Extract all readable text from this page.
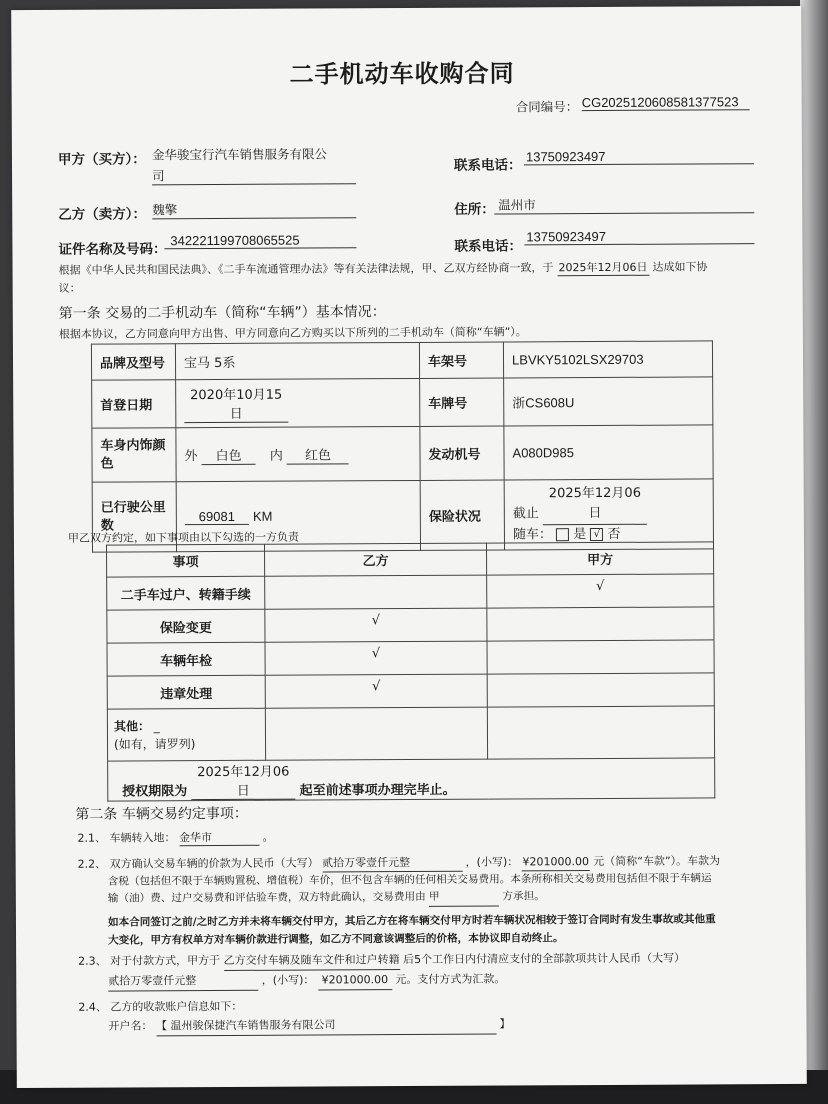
二手机动车收购合同
合同编号： CG2025120608581377523
甲方（买方）： 金华骏宝行汽车销售服务有限公
司
联系电话：
13750923497
乙方（卖方）： 魏擎	住所： 温州市
证件名称及号码：
342221199708065525	联系电话：
13750923497
根据《中华人民共和国民法典》、《二手车流通管理办法》等有关法律法规，甲、乙双方经协商一致，于 2025年12月06日 达成如下协
议：
第一条 交易的二手机动车（简称“车辆”）基本情况：
根据本协议，乙方同意向甲方出售、甲方同意向乙方购买以下所列的二手机动车（简称“车辆”）。
品牌及型号	宝马 5系	车架号	LBVKY5102LSX29703
首登日期	2020年10月15日	车牌号	浙CS608U
车身内饰颜
色	外 白色 内 红色	发动机号	A080D985
已行驶公里
数	69081 KM	保险状况	截止 2025年12月06日
随车： 是 √ 否
甲乙双方约定，如下事项由以下勾选的一方负责
事项	乙方	甲方
二手车过户、转籍手续		√
保险变更	√	
车辆年检	√	
违章处理	√	
其他： _
(如有，请罗列)		
授权期限为 2025年12月06日 起至前述事项办理完毕止。		
第二条 车辆交易约定事项：
2.1、 车辆转入地： 金华市	。
2.2、 双方确认交易车辆的价款为人民币（大写） 贰拾万零壹仟元整	，(小写)： ¥201000.00 元（简称“车款”）。车款为
含税（包括但不限于车辆购置税、增值税）车价，但不包含车辆的任何相关交易费用。本条所称相关交易费用包括但不限于车辆运
输（油）费、过户交易费和评估验车费，双方特此确认，交易费用由 甲	方承担。
如本合同签订之前/之时乙方并未将车辆交付甲方，其后乙方在将车辆交付甲方时若车辆状况相较于签订合同时有发生事故或其他重
大变化，甲方有权单方对车辆价款进行调整，如乙方不同意该调整后的价格，本协议即自动终止。
2.3、 对于付款方式，甲方于 乙方交付车辆及随车文件和过户转籍 后5个工作日内付清应支付的全部款项共计人民币（大写）
贰拾万零壹仟元整	，(小写)： ¥201000.00 元。支付方式为汇款。
2.4、 乙方的收款账户信息如下：
开户名： 【 温州骏保捷汽车销售服务有限公司	】
